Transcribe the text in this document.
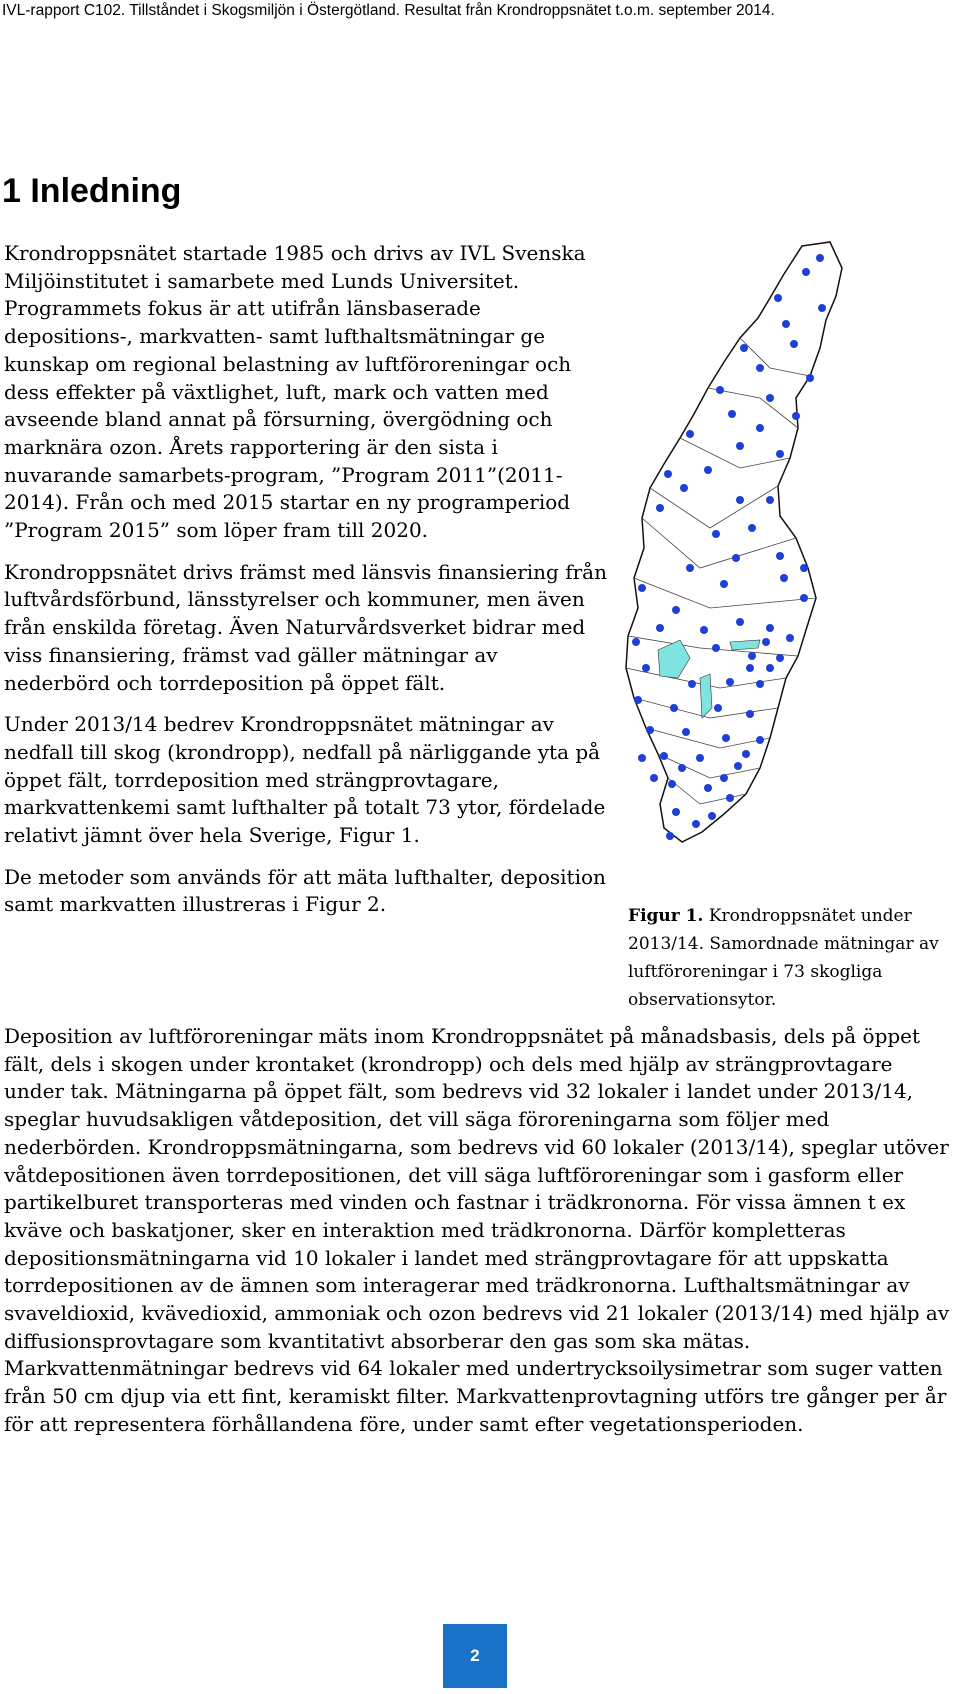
IVL-rapport C102. Tillståndet i Skogsmiljön i Östergötland. Resultat från Krondroppsnätet t.o.m. september 2014.
1 Inledning

Krondroppsnätet startade 1985 och drivs av IVL Svenska Miljöinstitutet i samarbete med Lunds Universitet. Programmets fokus är att utifrån länsbaserade depositions-, markvatten- samt lufthaltsmätningar ge kunskap om regional belastning av luftföroreningar och dess effekter på växtlighet, luft, mark och vatten med avseende bland annat på försurning, övergödning och marknära ozon. Årets rapportering är den sista i nuvarande samarbets-program, ”Program 2011”(2011-2014). Från och med 2015 startar en ny programperiod ”Program 2015” som löper fram till 2020.

Krondroppsnätet drivs främst med länsvis finansiering från luftvårdsförbund, länsstyrelser och kommuner, men även från enskilda företag. Även Naturvårdsverket bidrar med viss finansiering, främst vad gäller mätningar av nederbörd och torrdeposition på öppet fält.

Under 2013/14 bedrev Krondroppsnätet mätningar av nedfall till skog (krondropp), nedfall på närliggande yta på öppet fält, torrdeposition med strängprovtagare, markvattenkemi samt lufthalter på totalt 73 ytor, fördelade relativt jämnt över hela Sverige, Figur 1.

De metoder som används för att mäta lufthalter, deposition samt markvatten illustreras i Figur 2.	Figur 1. Krondroppsnätet under 2013/14. Samordnade mätningar av luftföroreningar i 73 skogliga observationsytor.

Deposition av luftföroreningar mäts inom Krondroppsnätet på månadsbasis, dels på öppet fält, dels i skogen under krontaket (krondropp) och dels med hjälp av strängprovtagare under tak. Mätningarna på öppet fält, som bedrevs vid 32 lokaler i landet under 2013/14, speglar huvudsakligen våtdeposition, det vill säga föroreningarna som följer med nederbörden. Krondroppsmätningarna, som bedrevs vid 60 lokaler (2013/14), speglar utöver våtdepositionen även torrdepositionen, det vill säga luftföroreningar som i gasform eller partikelburet transporteras med vinden och fastnar i trädkronorna. För vissa ämnen t ex kväve och baskatjoner, sker en interaktion med trädkronorna. Därför kompletteras depositionsmätningarna vid 10 lokaler i landet med strängprovtagare för att uppskatta torrdepositionen av de ämnen som interagerar med trädkronorna. Lufthaltsmätningar av svaveldioxid, kvävedioxid, ammoniak och ozon bedrevs vid 21 lokaler (2013/14) med hjälp av diffusionsprovtagare som kvantitativt absorberar den gas som ska mätas. Markvattenmätningar bedrevs vid 64 lokaler med undertrycksoilysimetrar som suger vatten från 50 cm djup via ett fint, keramiskt filter. Markvattenprovtagning utförs tre gånger per år för att representera förhållandena före, under samt efter vegetationsperioden.

2
